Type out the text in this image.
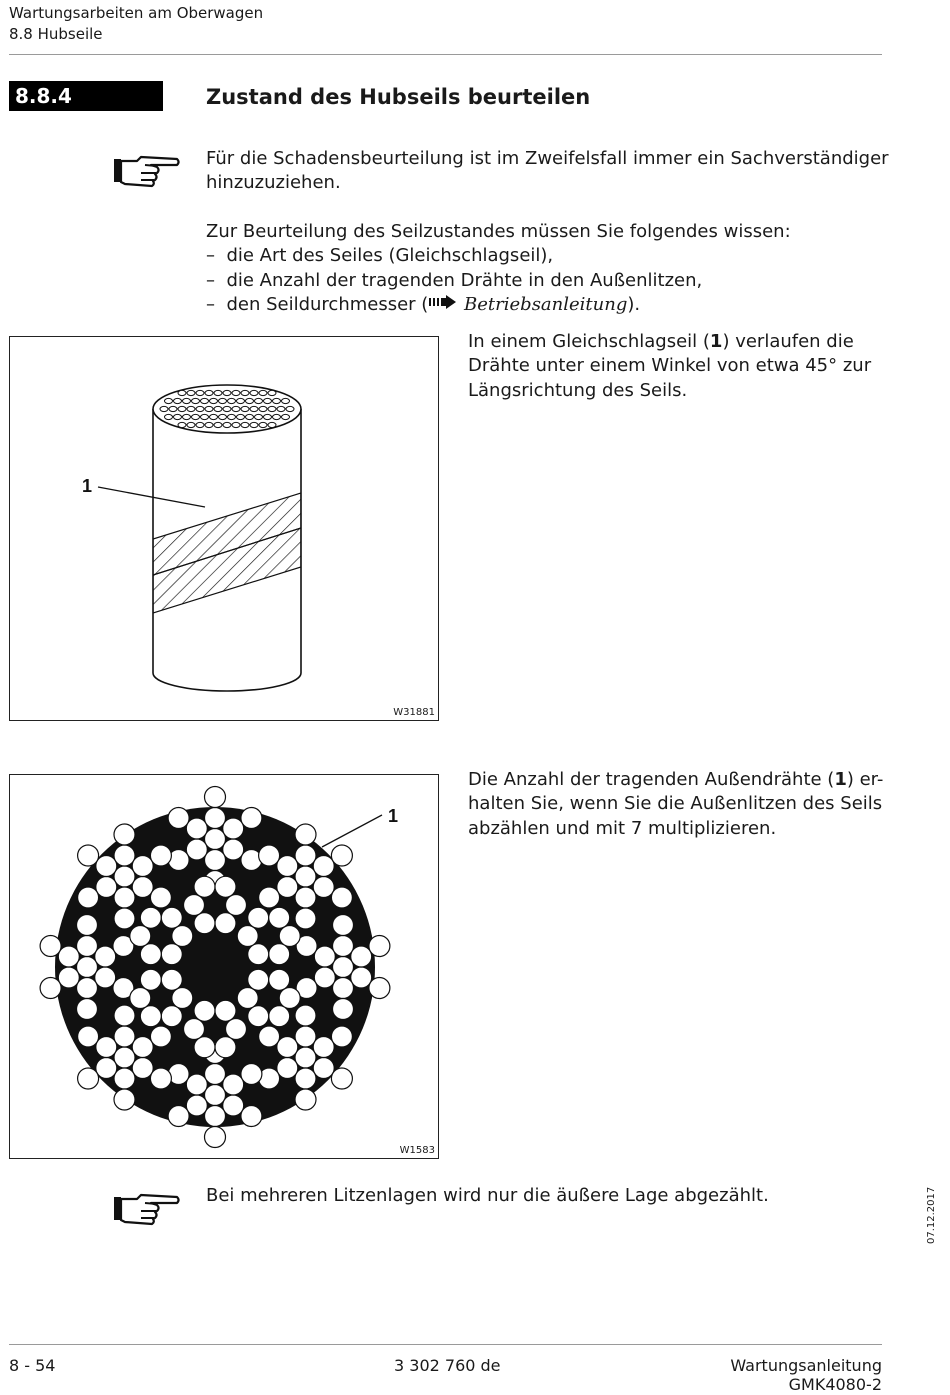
Wartungsarbeiten am Oberwagen
8.8 Hubseile
8.8.4	Zustand des Hubseils beurteilen
Für die Schadensbeurteilung ist im Zweifelsfall immer ein Sachverständiger
hinzuzuziehen.
Zur Beurteilung des Seilzustandes müssen Sie folgendes wissen:
– die Art des Seiles (Gleichschlagseil),
– die Anzahl der tragenden Drähte in den Außenlitzen,
– den Seildurchmesser ( Betriebsanleitung).
1
W31881
In einem Gleichschlagseil (1) verlaufen die
Drähte unter einem Winkel von etwa 45° zur
Längsrichtung des Seils.
1
W1583
Die Anzahl der tragenden Außendrähte (1) er-
halten Sie, wenn Sie die Außenlitzen des Seils
abzählen und mit 7 multiplizieren.
Bei mehreren Litzenlagen wird nur die äußere Lage abgezählt.	07.12.2017
8 - 54	3 302 760 de	Wartungsanleitung
GMK4080-2
